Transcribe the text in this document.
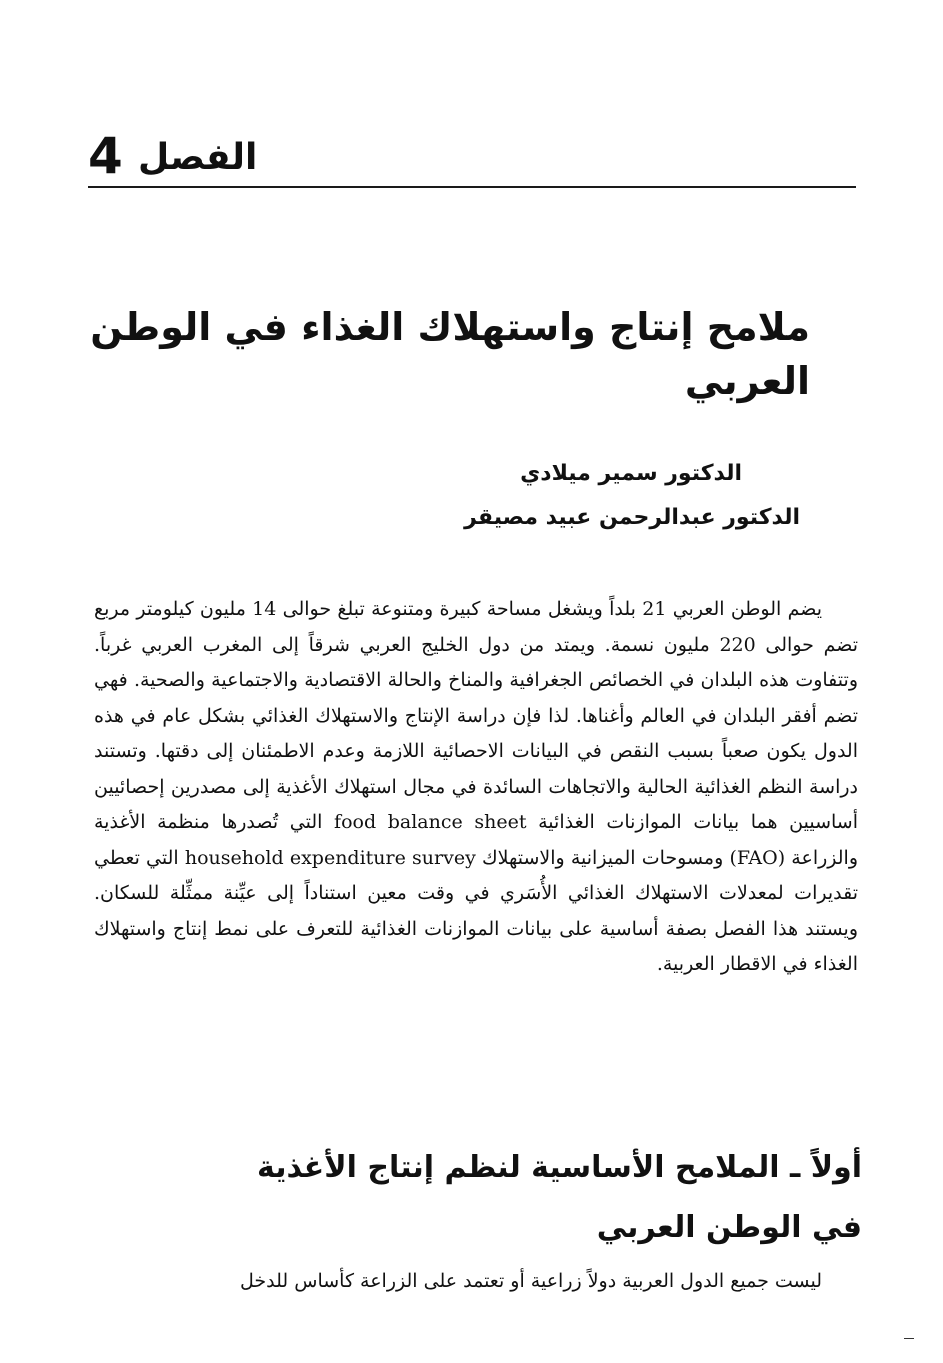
4 الفصل
ملامح إنتاج واستهلاك الغذاء في الوطن العربي
الدكتور سمير ميلادي
الدكتور عبدالرحمن عبيد مصيقر

يضم الوطن العربي 21 بلداً ويشغل مساحة كبيرة ومتنوعة تبلغ حوالى 14 مليون كيلومتر مربع تضم حوالى 220 مليون نسمة. ويمتد من دول الخليج العربي شرقاً إلى المغرب العربي غرباً. وتتفاوت هذه البلدان في الخصائص الجغرافية والمناخ والحالة الاقتصادية والاجتماعية والصحية. فهي تضم أفقر البلدان في العالم وأغناها. لذا فإن دراسة الإنتاج والاستهلاك الغذائي بشكل عام في هذه الدول يكون صعباً بسبب النقص في البيانات الاحصائية اللازمة وعدم الاطمئنان إلى دقتها. وتستند دراسة النظم الغذائية الحالية والاتجاهات السائدة في مجال استهلاك الأغذية إلى مصدرين إحصائيين أساسيين هما بيانات الموازنات الغذائية food balance sheet التي تُصدرها منظمة الأغذية والزراعة (FAO) ومسوحات الميزانية والاستهلاك household expenditure survey التي تعطي تقديرات لمعدلات الاستهلاك الغذائي الأُسَري في وقت معين استناداً إلى عيِّنة ممثِّلة للسكان. ويستند هذا الفصل بصفة أساسية على بيانات الموازنات الغذائية للتعرف على نمط إنتاج واستهلاك الغذاء في الاقطار العربية.

أولاً ـ الملامح الأساسية لنظم إنتاج الأغذية
في الوطن العربي

ليست جميع الدول العربية دولاً زراعية أو تعتمد على الزراعة كأساس للدخل
